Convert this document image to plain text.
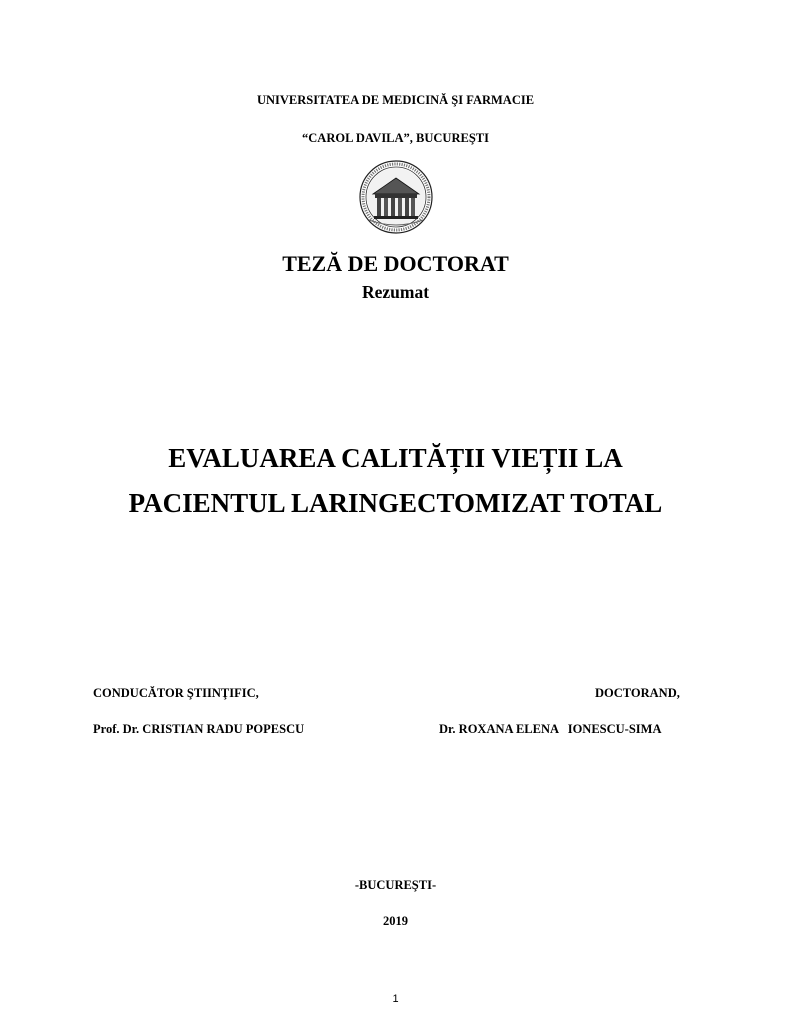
UNIVERSITATEA DE MEDICINĂ ŞI FARMACIE
“CAROL DAVILA”, BUCUREŞTI
TEZĂ DE DOCTORAT
Rezumat
EVALUAREA CALITĂȚII VIEȚII LA
PACIENTUL LARINGECTOMIZAT TOTAL
CONDUCĂTOR ŞTIINŢIFIC,
Prof. Dr. CRISTIAN RADU POPESCU
DOCTORAND,
Dr. ROXANA ELENA   IONESCU-SIMA
-BUCUREŞTI-
2019
1
